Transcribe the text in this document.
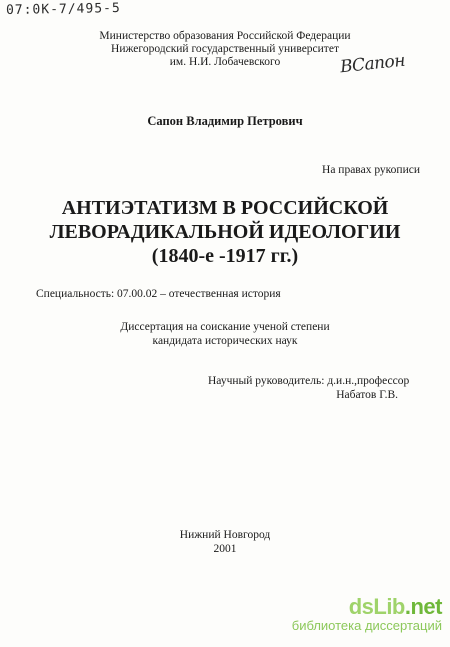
07:0K-7/495-5
Министерство образования Российской Федерации
Нижегородский государственный университет
им. Н.И. Лобачевского	ВСапон
Сапон Владимир Петрович
На правах рукописи
АНТИЭТАТИЗМ В РОССИЙСКОЙ
ЛЕВОРАДИКАЛЬНОЙ ИДЕОЛОГИИ
(1840-е -1917 гг.)
Специальность: 07.00.02 – отечественная история
Диссертация на соискание ученой степени
кандидата исторических наук
Научный руководитель: д.и.н.,профессор
Набатов Г.В.
Нижний Новгород
2001
dsLib.net
библиотека диссертаций
